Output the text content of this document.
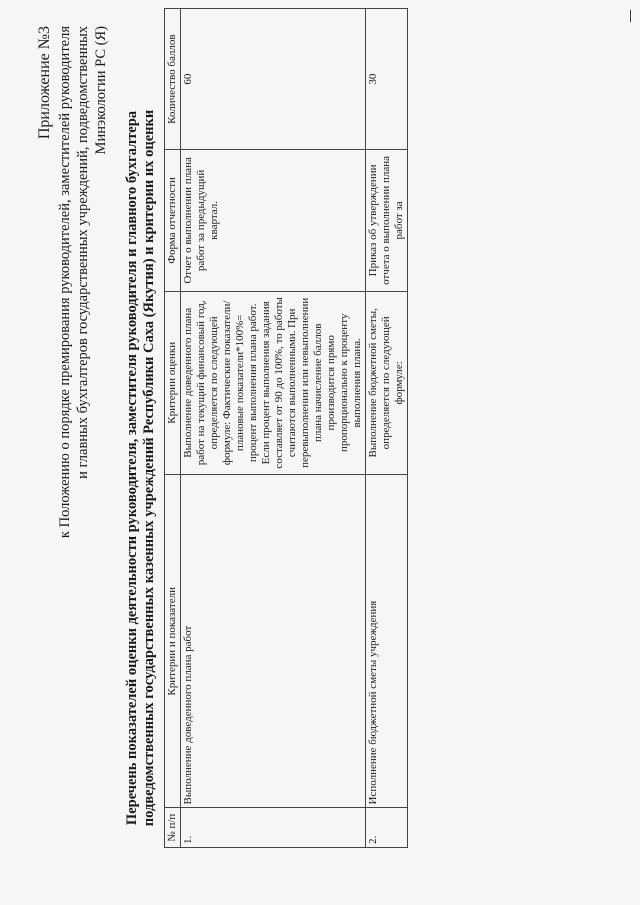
Приложение №3 к Положению о порядке премирования руководителей, заместителей руководителя и главных бухгалтеров государственных учреждений, подведомственных Минэкологии РС (Я)
Перечень показателей оценки деятельности руководителя, заместителя руководителя и главного бухгалтера подведомственных государственных казенных учреждений Республики Саха (Якутия) и критерии их оценки
№ п/п	Критерии и показатели	Критерии оценки	Форма отчетности	Количество баллов
1.	Выполнение доведенного плана работ	Выполнение доведенного плана работ на текущий финансовый год, определяется по следующей формуле: Фактические показатели/плановые показатели*100%= процент выполнения плана работ. Если процент выполнения задания составляет от 90 до 100%, то работы считаются выполненными. При перевыполнении или невыполнении плана начисление баллов производится прямо пропорционально к проценту выполнения плана.	Отчет о выполнении плана работ за предыдущий квартал.	60
2.	Исполнение бюджетной сметы учреждения	Выполнение бюджетной сметы, определяется по следующей формуле:	Приказ об утверждении отчета о выполнении плана работ за	30
